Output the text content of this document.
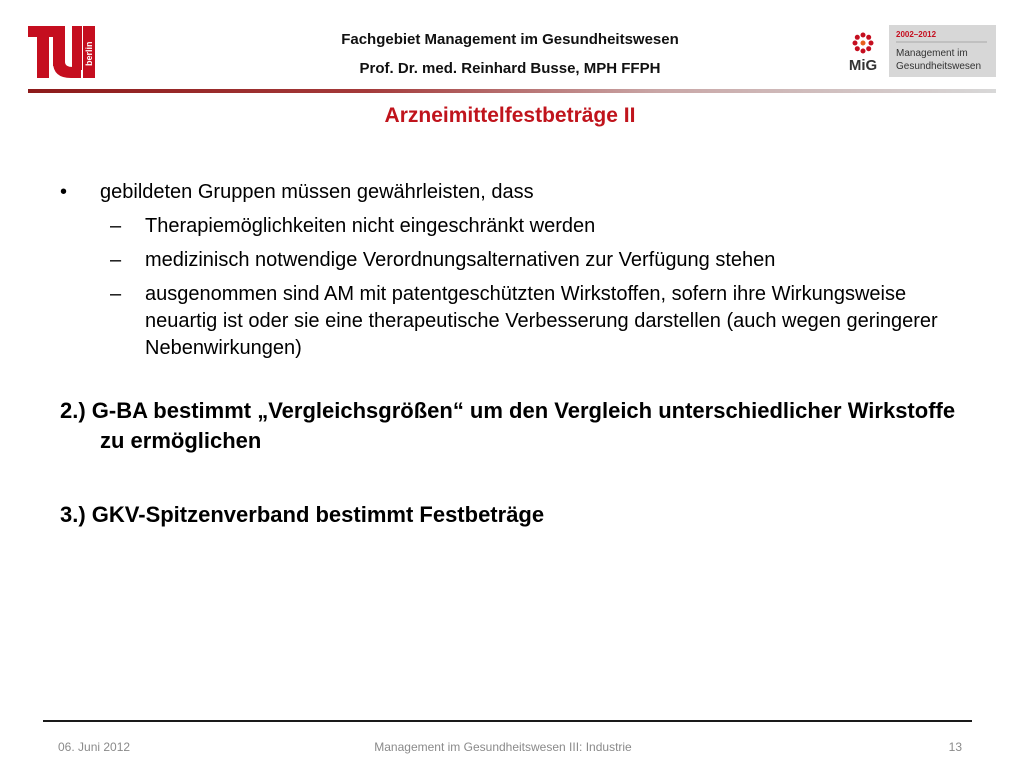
berlin
Fachgebiet Management im Gesundheitswesen
Prof. Dr. med. Reinhard Busse, MPH FFPH	MiG
2002–2012
Management im
Gesundheitswesen
Arzneimittelfestbeträge II
• gebildeten Gruppen müssen gewährleisten, dass
– Therapiemöglichkeiten nicht eingeschränkt werden
– medizinisch notwendige Verordnungsalternativen zur Verfügung stehen
– ausgenommen sind AM mit patentgeschützten Wirkstoffen, sofern ihre Wirkungsweise neuartig ist oder sie eine therapeutische Verbesserung darstellen (auch wegen geringerer Nebenwirkungen)
2.) G-BA bestimmt „Vergleichsgrößen“ um den Vergleich unterschiedlicher Wirkstoffe zu ermöglichen
3.) GKV-Spitzenverband bestimmt Festbeträge
06. Juni 2012	Management im Gesundheitswesen III: Industrie	13
